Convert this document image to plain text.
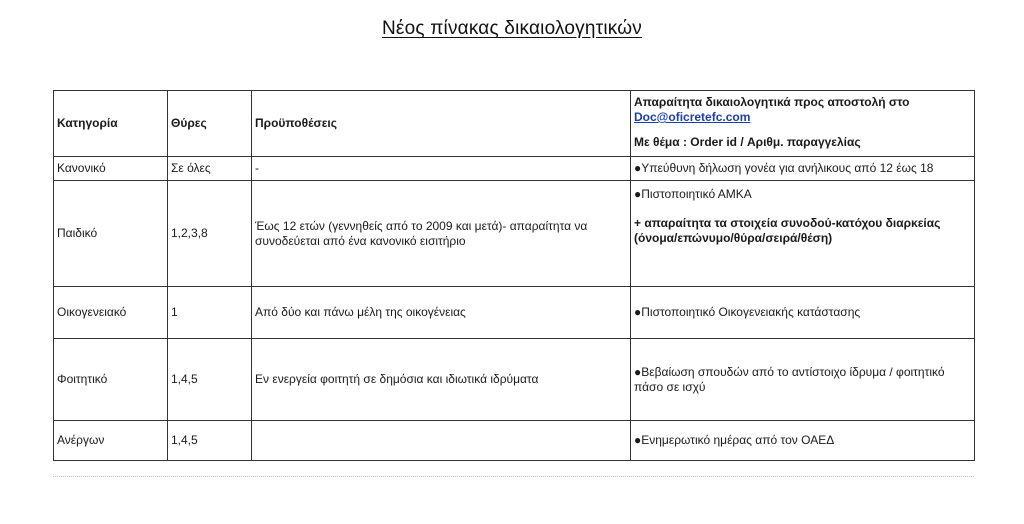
Νέος πίνακας δικαιολογητικών
Κατηγορία	Θύρες	Προϋποθέσεις	Απαραίτητα δικαιολογητικά προς αποστολή στο
Doc@oficretefc.com
Με θέμα : Order id / Αριθμ. παραγγελίας

Κανονικό	Σε όλες	-	●Υπεύθυνη δήλωση γονέα για ανήλικους από 12 έως 18
Παιδικό	1,2,3,8	Έως 12 ετών (γεννηθείς από το 2009 και μετά)- απαραίτητα να συνοδεύεται από ένα κανονικό εισιτήριο	●Πιστοποιητικό ΑΜΚΑ
+ απαραίτητα τα στοιχεία συνοδού-κατόχου διαρκείας (όνομα/επώνυμο/θύρα/σειρά/θέση)

Οικογενειακό	1	Από δύο και πάνω μέλη της οικογένειας	●Πιστοποιητικό Οικογενειακής κατάστασης
Φοιτητικό	1,4,5	Εν ενεργεία φοιτητή σε δημόσια και ιδιωτικά ιδρύματα	●Βεβαίωση σπουδών από το αντίστοιχο ίδρυμα / φοιτητικό πάσο σε ισχύ
Ανέργων	1,4,5		●Ενημερωτικό ημέρας από τον ΟΑΕΔ
